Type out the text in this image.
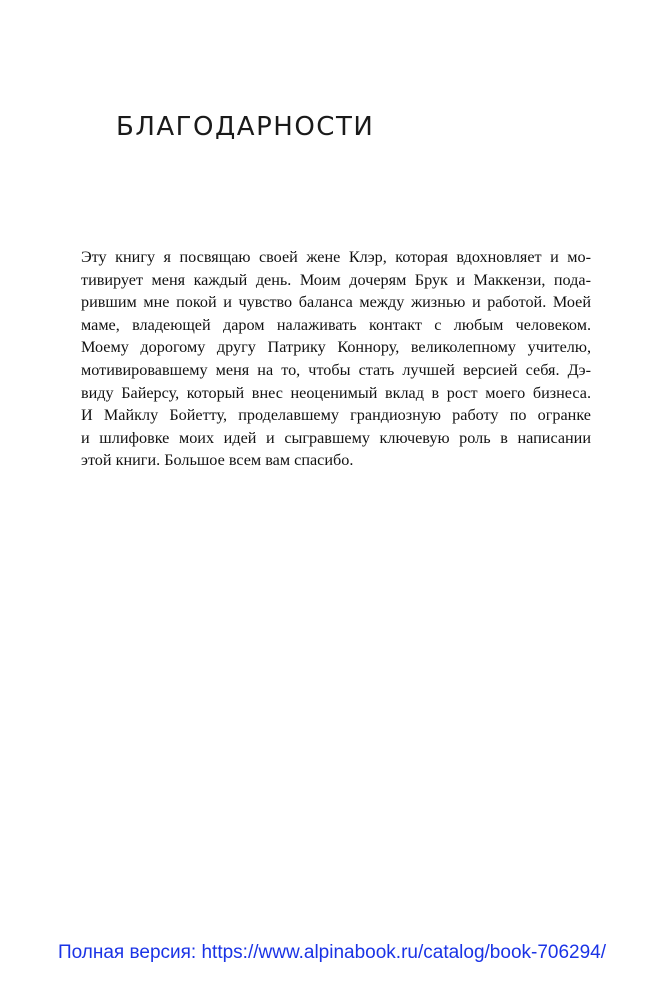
БЛАГОДАРНОСТИ
Эту книгу я посвящаю своей жене Клэр, которая вдохновляет и мо-
тивирует меня каждый день. Моим дочерям Брук и Маккензи, пода-
рившим мне покой и чувство баланса между жизнью и работой. Моей
маме, владеющей даром налаживать контакт с любым человеком.
Моему дорогому другу Патрику Коннору, великолепному учителю,
мотивировавшему меня на то, чтобы стать лучшей версией себя. Дэ-
виду Байерсу, который внес неоценимый вклад в рост моего бизнеса.
И Майклу Бойетту, проделавшему грандиозную работу по огранке
и шлифовке моих идей и сыгравшему ключевую роль в написании
этой книги. Большое всем вам спасибо.
Полная версия: https://www.alpinabook.ru/catalog/book-706294/
